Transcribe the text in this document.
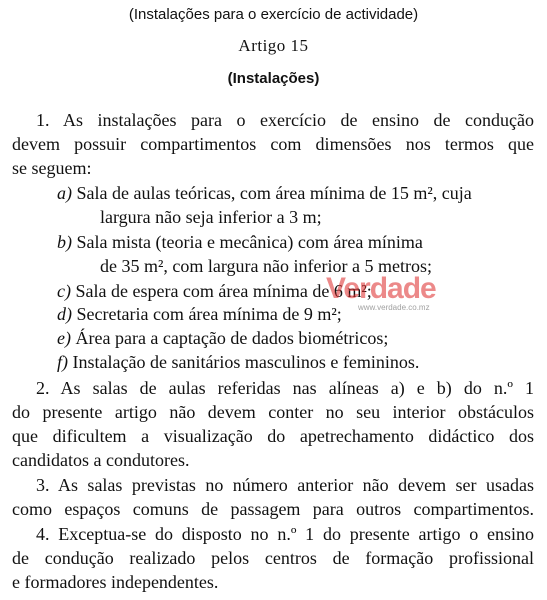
(Instalações para o exercício de actividade)
Artigo 15
(Instalações)
1. As instalações para o exercício de ensino de condução
devem possuir compartimentos com dimensões nos termos que
se seguem:
a) Sala de aulas teóricas, com área mínima de 15 m², cuja
largura não seja inferior a 3 m;
b) Sala mista (teoria e mecânica) com área mínima
de 35 m², com largura não inferior a 5 metros;
c) Sala de espera com área mínima de 6 m²;
d) Secretaria com área mínima de 9 m²;
e) Área para a captação de dados biométricos;
f) Instalação de sanitários masculinos e femininos.
2. As salas de aulas referidas nas alíneas a) e b) do n.º 1
do presente artigo não devem conter no seu interior obstáculos
que dificultem a visualização do apetrechamento didáctico dos
candidatos a condutores.
3. As salas previstas no número anterior não devem ser usadas
como espaços comuns de passagem para outros compartimentos.
4. Exceptua-se do disposto no n.º 1 do presente artigo o ensino
de condução realizado pelos centros de formação profissional
e formadores independentes.
Verdade
www.verdade.co.mz
